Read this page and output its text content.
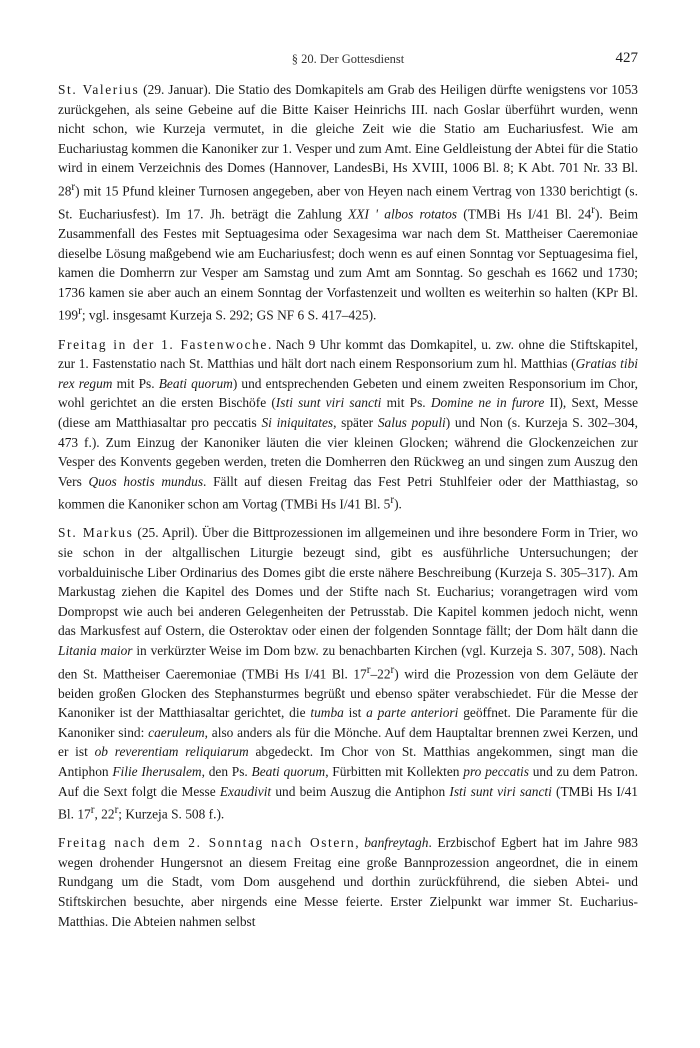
§ 20. Der Gottesdienst	427

St. Valerius (29. Januar). Die Statio des Domkapitels am Grab des Heiligen dürfte wenigstens vor 1053 zurückgehen, als seine Gebeine auf die Bitte Kaiser Heinrichs III. nach Goslar überführt wurden, wenn nicht schon, wie Kurzeja vermutet, in die gleiche Zeit wie die Statio am Euchariusfest. Wie am Euchariustag kommen die Kanoniker zur 1. Vesper und zum Amt. Eine Geldleistung der Abtei für die Statio wird in einem Verzeichnis des Domes (Hannover, LandesBi, Hs XVIII, 1006 Bl. 8; K Abt. 701 Nr. 33 Bl. 28$^r$) mit 15 Pfund kleiner Turnosen angegeben, aber von Heyen nach einem Vertrag von 1330 berichtigt (s. St. Euchariusfest). Im 17. Jh. beträgt die Zahlung XXI ' albos rotatos (TMBi Hs I/41 Bl. 24$^r$). Beim Zusammenfall des Festes mit Septuagesima oder Sexagesima war nach dem St. Mattheiser Caeremoniae dieselbe Lösung maßgebend wie am Euchariusfest; doch wenn es auf einen Sonntag vor Septuagesima fiel, kamen die Domherrn zur Vesper am Samstag und zum Amt am Sonntag. So geschah es 1662 und 1730; 1736 kamen sie aber auch an einem Sonntag der Vorfastenzeit und wollten es weiterhin so halten (KPr Bl. 199$^r$; vgl. insgesamt Kurzeja S. 292; GS NF 6 S. 417–425).

Freitag in der 1. Fastenwoche. Nach 9 Uhr kommt das Domkapitel, u. zw. ohne die Stiftskapitel, zur 1. Fastenstatio nach St. Matthias und hält dort nach einem Responsorium zum hl. Matthias (Gratias tibi rex regum mit Ps. Beati quorum) und entsprechenden Gebeten und einem zweiten Responsorium im Chor, wohl gerichtet an die ersten Bischöfe (Isti sunt viri sancti mit Ps. Domine ne in furore II), Sext, Messe (diese am Matthiasaltar pro peccatis Si iniquitates, später Salus populi) und Non (s. Kurzeja S. 302–304, 473 f.). Zum Einzug der Kanoniker läuten die vier kleinen Glocken; während die Glockenzeichen zur Vesper des Konvents gegeben werden, treten die Domherren den Rückweg an und singen zum Auszug den Vers Quos hostis mundus. Fällt auf diesen Freitag das Fest Petri Stuhlfeier oder der Matthiastag, so kommen die Kanoniker schon am Vortag (TMBi Hs I/41 Bl. 5$^r$).

St. Markus (25. April). Über die Bittprozessionen im allgemeinen und ihre besondere Form in Trier, wo sie schon in der altgallischen Liturgie bezeugt sind, gibt es ausführliche Untersuchungen; der vorbalduinische Liber Ordinarius des Domes gibt die erste nähere Beschreibung (Kurzeja S. 305–317). Am Markustag ziehen die Kapitel des Domes und der Stifte nach St. Eucharius; vorangetragen wird vom Dompropst wie auch bei anderen Gelegenheiten der Petrusstab. Die Kapitel kommen jedoch nicht, wenn das Markusfest auf Ostern, die Osteroktav oder einen der folgenden Sonntage fällt; der Dom hält dann die Litania maior in verkürzter Weise im Dom bzw. zu benachbarten Kirchen (vgl. Kurzeja S. 307, 508). Nach den St. Mattheiser Caeremoniae (TMBi Hs I/41 Bl. 17$^r$–22$^r$) wird die Prozession von dem Geläute der beiden großen Glocken des Stephansturmes begrüßt und ebenso später verabschiedet. Für die Messe der Kanoniker ist der Matthiasaltar gerichtet, die tumba ist a parte anteriori geöffnet. Die Paramente für die Kanoniker sind: caeruleum, also anders als für die Mönche. Auf dem Hauptaltar brennen zwei Kerzen, und er ist ob reverentiam reliquiarum abgedeckt. Im Chor von St. Matthias angekommen, singt man die Antiphon Filie Iherusalem, den Ps. Beati quorum, Fürbitten mit Kollekten pro peccatis und zu dem Patron. Auf die Sext folgt die Messe Exaudivit und beim Auszug die Antiphon Isti sunt viri sancti (TMBi Hs I/41 Bl. 17$^r$, 22$^r$; Kurzeja S. 508 f.).

Freitag nach dem 2. Sonntag nach Ostern, banfreytagh. Erzbischof Egbert hat im Jahre 983 wegen drohender Hungersnot an diesem Freitag eine große Bannprozession angeordnet, die in einem Rundgang um die Stadt, vom Dom ausgehend und dorthin zurückführend, die sieben Abtei- und Stiftskirchen besuchte, aber nirgends eine Messe feierte. Erster Zielpunkt war immer St. Eucharius-Matthias. Die Abteien nahmen selbst
